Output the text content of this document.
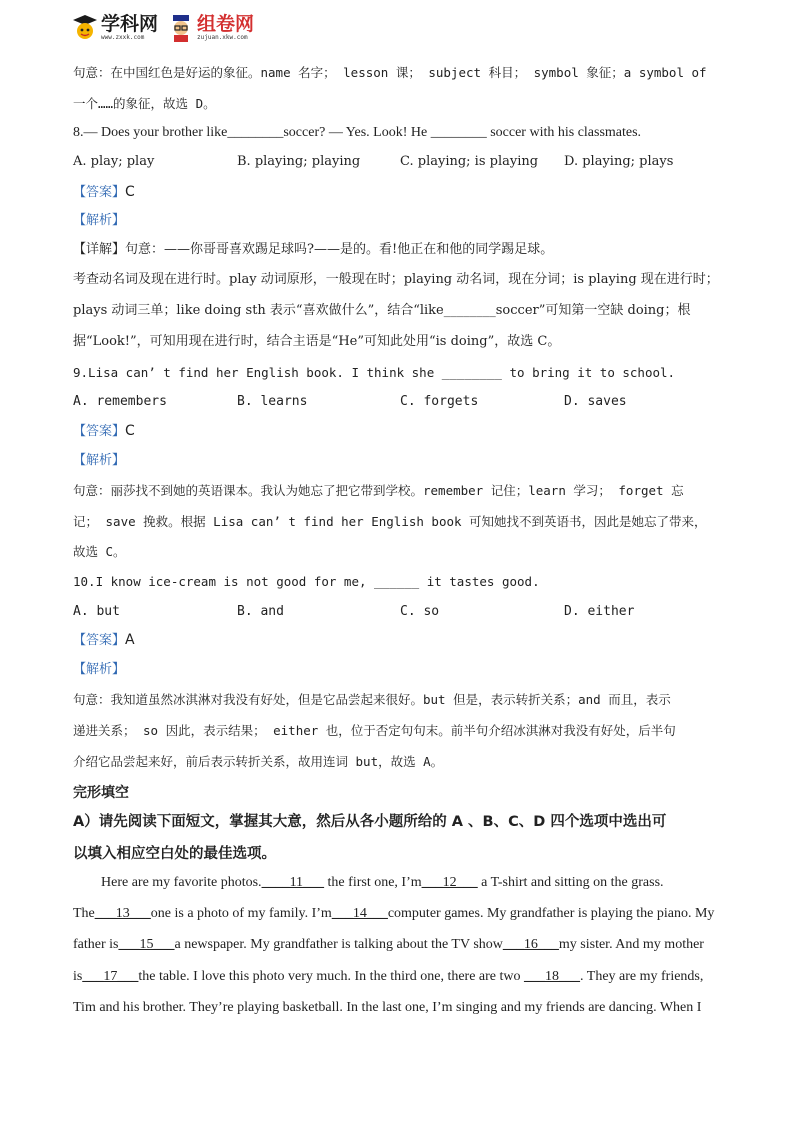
学科网
www.zxxk.com
组卷网
zujuan.xkw.com
句意：在中国红色是好运的象征。name 名字； lesson 课； subject 科目； symbol 象征；a symbol of
一个……的象征，故选 D。
8.— Does your brother like________soccer? — Yes. Look! He ________ soccer with his classmates.
A. play; play	B. playing; playing	C. playing; is playing D. playing; plays
【答案】C
【解析】
【详解】句意：——你哥哥喜欢踢足球吗?——是的。看!他正在和他的同学踢足球。
考查动名词及现在进行时。play 动词原形，一般现在时；playing 动名词，现在分词；is playing 现在进行时；
plays 动词三单；like doing sth 表示“喜欢做什么”，结合“like________soccer”可知第一空缺 doing；根
据“Look!”，可知用现在进行时，结合主语是“He”可知此处用“is doing”，故选 C。
9.Lisa can’ t find her English book. I think she ________ to bring it to school.
A. remembers	B. learns	C. forgets	D. saves
【答案】C
【解析】
句意：丽莎找不到她的英语课本。我认为她忘了把它带到学校。remember 记住；learn 学习； forget 忘
记； save 挽救。根据 Lisa can’ t find her English book 可知她找不到英语书，因此是她忘了带来，
故选 C。
10.I know ice-cream is not good for me, ______ it tastes good.
A. but	B. and	C. so	D. either
【答案】A
【解析】
句意：我知道虽然冰淇淋对我没有好处，但是它品尝起来很好。but 但是，表示转折关系；and 而且，表示
递进关系； so 因此，表示结果； either 也，位于否定句句末。前半句介绍冰淇淋对我没有好处，后半句
介绍它品尝起来好，前后表示转折关系，故用连词 but，故选 A。
完形填空
A）请先阅读下面短文，掌握其大意，然后从各小题所给的 A 、B、C、D 四个选项中选出可
以填入相应空白处的最佳选项。
Here are my favorite photos.____11___ the first one, I’m___12___ a T-shirt and sitting on the grass.
The___13___one is a photo of my family. I’m___14___computer games. My grandfather is playing the piano. My
father is___15___a newspaper. My grandfather is talking about the TV show___16___my sister. And my mother
is___17___the table. I love this photo very much. In the third one, there are two ___18___. They are my friends,
Tim and his brother. They’re playing basketball. In the last one, I’m singing and my friends are dancing. When I
